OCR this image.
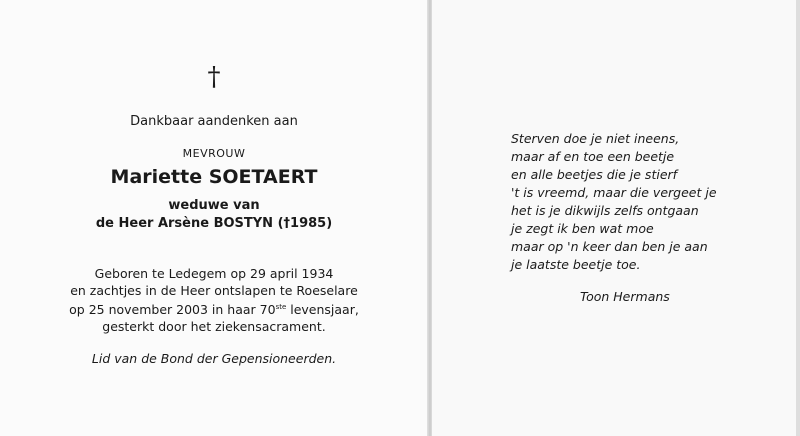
†
Dankbaar aandenken aan
MEVROUW
Mariette SOETAERT
weduwe van
de Heer Arsène BOSTYN (†1985)
Geboren te Ledegem op 29 april 1934
en zachtjes in de Heer ontslapen te Roeselare
op 25 november 2003 in haar 70ste levensjaar,
gesterkt door het ziekensacrament.
Lid van de Bond der Gepensioneerden.
Sterven doe je niet ineens,
maar af en toe een beetje
en alle beetjes die je stierf
't is vreemd, maar die vergeet je
het is je dikwijls zelfs ontgaan
je zegt ik ben wat moe
maar op 'n keer dan ben je aan
je laatste beetje toe.
Toon Hermans
